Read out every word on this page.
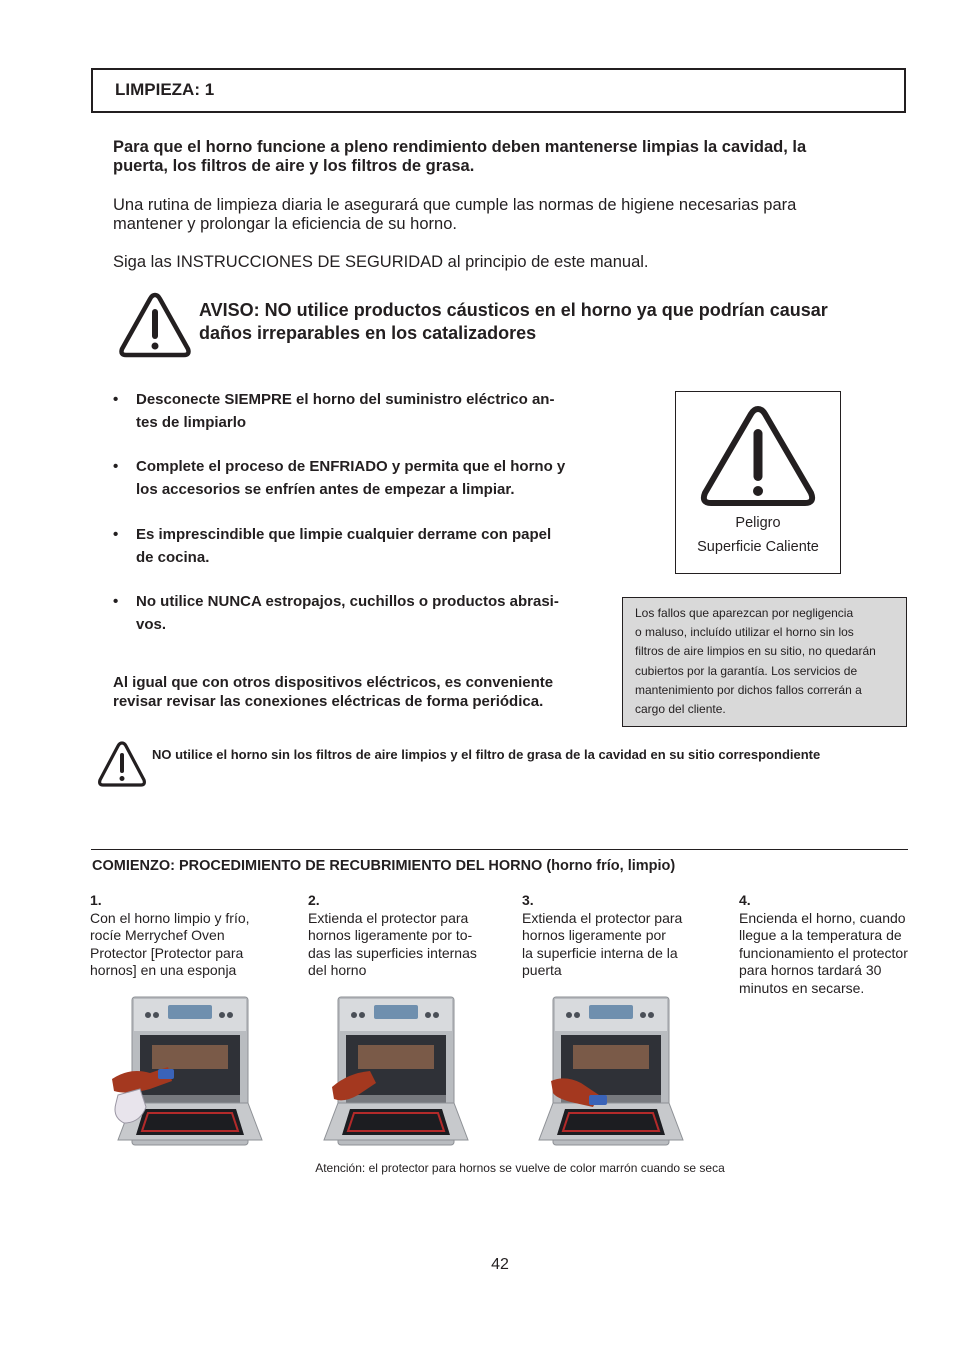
LIMPIEZA: 1
Para que el horno funcione a pleno rendimiento deben mantenerse limpias la cavidad, la
puerta, los filtros de aire y los filtros de grasa.
Una rutina de limpieza diaria le asegurará que cumple las normas de higiene necesarias para
mantener y prolongar la eficiencia de su horno.
Siga las INSTRUCCIONES DE SEGURIDAD al principio de este manual.
AVISO: NO utilice productos cáusticos en el horno ya que podrían causar
daños irreparables en los catalizadores
• Desconecte SIEMPRE el horno del suministro eléctrico an-
tes de limpiarlo
• Complete el proceso de ENFRIADO y permita que el horno y
los accesorios se enfríen antes de empezar a limpiar.
• Es imprescindible que limpie cualquier derrame con papel
de cocina.
• No utilice NUNCA estropajos, cuchillos o productos abrasi-
vos.
Al igual que con otros dispositivos eléctricos, es conveniente
revisar revisar las conexiones eléctricas de forma periódica.
Peligro
Superficie Caliente
Los fallos que aparezcan por negligencia
o maluso, incluído utilizar el horno sin los
filtros de aire limpios en su sitio, no quedarán
cubiertos por la garantía. Los servicios de
mantenimiento por dichos fallos correrán a
cargo del cliente.
NO utilice el horno sin los filtros de aire limpios y el filtro de grasa de la cavidad en su sitio correspondiente
COMIENZO: PROCEDIMIENTO DE RECUBRIMIENTO DEL HORNO (horno frío, limpio)
1.
Con el horno limpio y frío,
rocíe Merrychef Oven
Protector [Protector para
hornos] en una esponja
2.
Extienda el protector para
hornos ligeramente por to-
das las superficies internas
del horno
3.
Extienda el protector para
hornos ligeramente por
la superficie interna de la
puerta
4.
Encienda el horno, cuando
llegue a la temperatura de
funcionamiento el protector
para hornos tardará 30
minutos en secarse.
Atención: el protector para hornos se vuelve de color marrón cuando se seca
42
